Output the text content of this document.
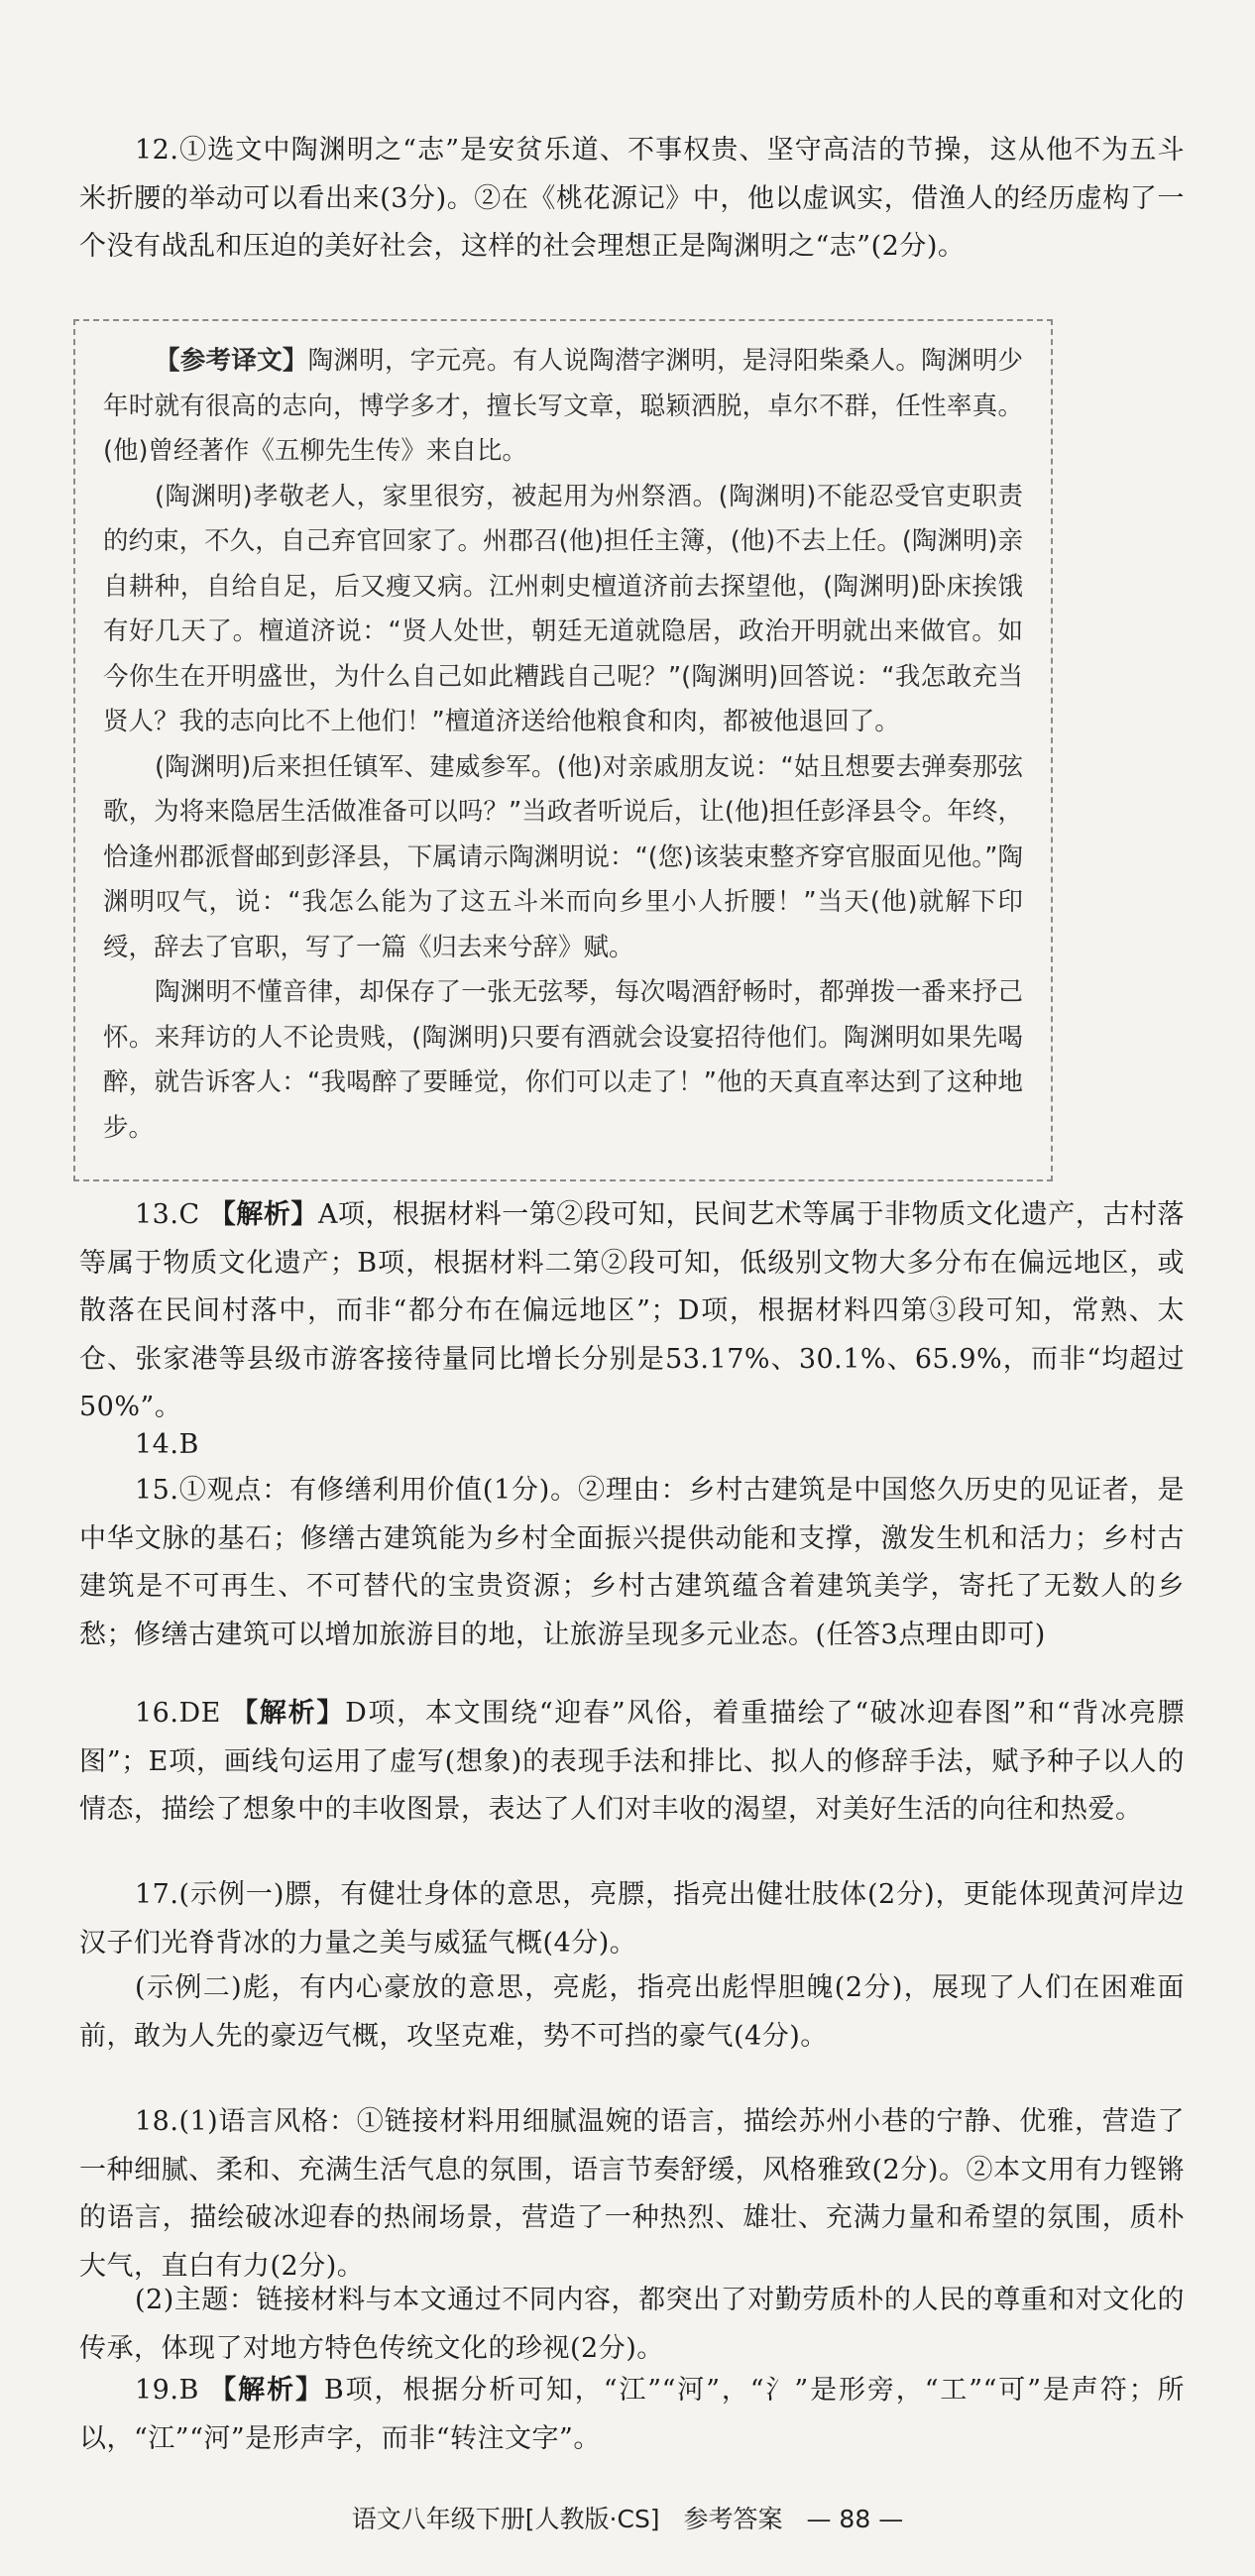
12.①选文中陶渊明之“志”是安贫乐道、不事权贵、坚守高洁的节操，这从他不为五斗米折腰的举动可以看出来(3分)。②在《桃花源记》中，他以虚讽实，借渔人的经历虚构了一个没有战乱和压迫的美好社会，这样的社会理想正是陶渊明之“志”(2分)。

【参考译文】陶渊明，字元亮。有人说陶潜字渊明，是浔阳柴桑人。陶渊明少年时就有很高的志向，博学多才，擅长写文章，聪颖洒脱，卓尔不群，任性率真。(他)曾经著作《五柳先生传》来自比。

(陶渊明)孝敬老人，家里很穷，被起用为州祭酒。(陶渊明)不能忍受官吏职责的约束，不久，自己弃官回家了。州郡召(他)担任主簿，(他)不去上任。(陶渊明)亲自耕种，自给自足，后又瘦又病。江州刺史檀道济前去探望他，(陶渊明)卧床挨饿有好几天了。檀道济说：“贤人处世，朝廷无道就隐居，政治开明就出来做官。如今你生在开明盛世，为什么自己如此糟践自己呢？”(陶渊明)回答说：“我怎敢充当贤人？我的志向比不上他们！”檀道济送给他粮食和肉，都被他退回了。

(陶渊明)后来担任镇军、建威参军。(他)对亲戚朋友说：“姑且想要去弹奏那弦歌，为将来隐居生活做准备可以吗？”当政者听说后，让(他)担任彭泽县令。年终，恰逢州郡派督邮到彭泽县，下属请示陶渊明说：“(您)该装束整齐穿官服面见他。”陶渊明叹气，说：“我怎么能为了这五斗米而向乡里小人折腰！”当天(他)就解下印绶，辞去了官职，写了一篇《归去来兮辞》赋。

陶渊明不懂音律，却保存了一张无弦琴，每次喝酒舒畅时，都弹拨一番来抒己怀。来拜访的人不论贵贱，(陶渊明)只要有酒就会设宴招待他们。陶渊明如果先喝醉，就告诉客人：“我喝醉了要睡觉，你们可以走了！”他的天真直率达到了这种地步。

13.C 【解析】A项，根据材料一第②段可知，民间艺术等属于非物质文化遗产，古村落等属于物质文化遗产；B项，根据材料二第②段可知，低级别文物大多分布在偏远地区，或散落在民间村落中，而非“都分布在偏远地区”；D项，根据材料四第③段可知，常熟、太仓、张家港等县级市游客接待量同比增长分别是53.17%、30.1%、65.9%，而非“均超过50%”。

14.B

15.①观点：有修缮利用价值(1分)。②理由：乡村古建筑是中国悠久历史的见证者，是中华文脉的基石；修缮古建筑能为乡村全面振兴提供动能和支撑，激发生机和活力；乡村古建筑是不可再生、不可替代的宝贵资源；乡村古建筑蕴含着建筑美学，寄托了无数人的乡愁；修缮古建筑可以增加旅游目的地，让旅游呈现多元业态。(任答3点理由即可)

16.DE 【解析】D项，本文围绕“迎春”风俗，着重描绘了“破冰迎春图”和“背冰亮膘图”；E项，画线句运用了虚写(想象)的表现手法和排比、拟人的修辞手法，赋予种子以人的情态，描绘了想象中的丰收图景，表达了人们对丰收的渴望，对美好生活的向往和热爱。

17.(示例一)膘，有健壮身体的意思，亮膘，指亮出健壮肢体(2分)，更能体现黄河岸边汉子们光脊背冰的力量之美与威猛气概(4分)。

(示例二)彪，有内心豪放的意思，亮彪，指亮出彪悍胆魄(2分)，展现了人们在困难面前，敢为人先的豪迈气概，攻坚克难，势不可挡的豪气(4分)。

18.(1)语言风格：①链接材料用细腻温婉的语言，描绘苏州小巷的宁静、优雅，营造了一种细腻、柔和、充满生活气息的氛围，语言节奏舒缓，风格雅致(2分)。②本文用有力铿锵的语言，描绘破冰迎春的热闹场景，营造了一种热烈、雄壮、充满力量和希望的氛围，质朴大气，直白有力(2分)。

(2)主题：链接材料与本文通过不同内容，都突出了对勤劳质朴的人民的尊重和对文化的传承，体现了对地方特色传统文化的珍视(2分)。

19.B 【解析】B项，根据分析可知，“江”“河”，“氵”是形旁，“工”“可”是声符；所以，“江”“河”是形声字，而非“转注文字”。

语文八年级下册[人教版·CS] 参考答案 — 88 —
